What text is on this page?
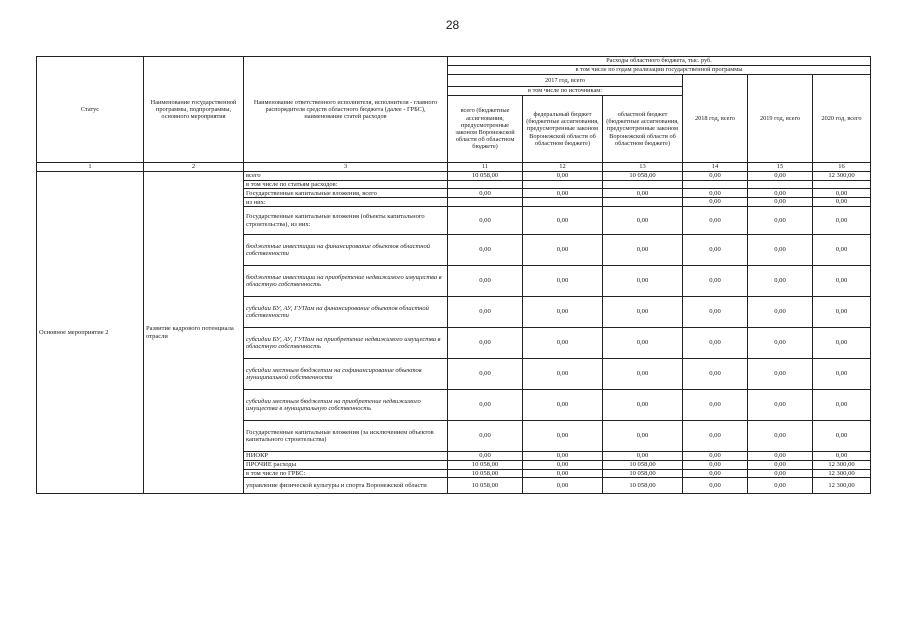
28
Статус	Наименование государственной программы, подпрограммы, основного мероприятия	Наименование ответственного исполнителя, исполнителя - главного распорядителя средств областного бюджета (далее - ГРБС), наименование статей расходов	Расходы областного бюджета, тыс. руб.					
			в том числе по годам реализации государственной программы					
			2017 год, всего			2018 год, всего	2019 год, всего	2020 год, всего
			в том числе по источникам:					
			всего (бюджетные ассигнования, предусмотренные законом Воронежской области об областном бюджете)	федеральный бюджет (бюджетные ассигнования, предусмотренные законом Воронежской области об областном бюджете)	областной бюджет (бюджетные ассигнования, предусмотренные законом Воронежской области об областном бюджете)			
1	2	3	11	12	13	14	15	16
Основное мероприятие 2	Развитие кадрового потенциала отрасли	всего	10 058,00	0,00	10 058,00	0,00	0,00	12 300,00
		в том числе по статьям расходов:						
		Государственные капитальные вложения, всего	0,00	0,00	0,00	0,00	0,00	0,00
		из них:				0,00	0,00	0,00
		Государственные капитальные вложения (объекты капитального строительства), из них:	0,00	0,00	0,00	0,00	0,00	0,00
		бюджетные инвестиции на финансирование объектов областной собственности	0,00	0,00	0,00	0,00	0,00	0,00
		бюджетные инвестиции на приобретение недвижимого имущества в областную собственность	0,00	0,00	0,00	0,00	0,00	0,00
		субсидии БУ, АУ, ГУПам на финансирование объектов областной собственности	0,00	0,00	0,00	0,00	0,00	0,00
		субсидии БУ, АУ, ГУПам на приобретение недвижимого имущества в областную собственность	0,00	0,00	0,00	0,00	0,00	0,00
		субсидии местным бюджетам на софинансирование объектов муниципальной собственности	0,00	0,00	0,00	0,00	0,00	0,00
		субсидии местным бюджетам на приобретение недвижимого имущества в муниципальную собственность	0,00	0,00	0,00	0,00	0,00	0,00
		Государственные капитальные вложения (за исключением объектов капитального строительства)	0,00	0,00	0,00	0,00	0,00	0,00
		НИОКР	0,00	0,00	0,00	0,00	0,00	0,00
		ПРОЧИЕ расходы	10 058,00	0,00	10 058,00	0,00	0,00	12 300,00
		в том числе по ГРБС:	10 058,00	0,00	10 058,00	0,00	0,00	12 300,00
		управление физической культуры и спорта Воронежской области	10 058,00	0,00	10 058,00	0,00	0,00	12 300,00
